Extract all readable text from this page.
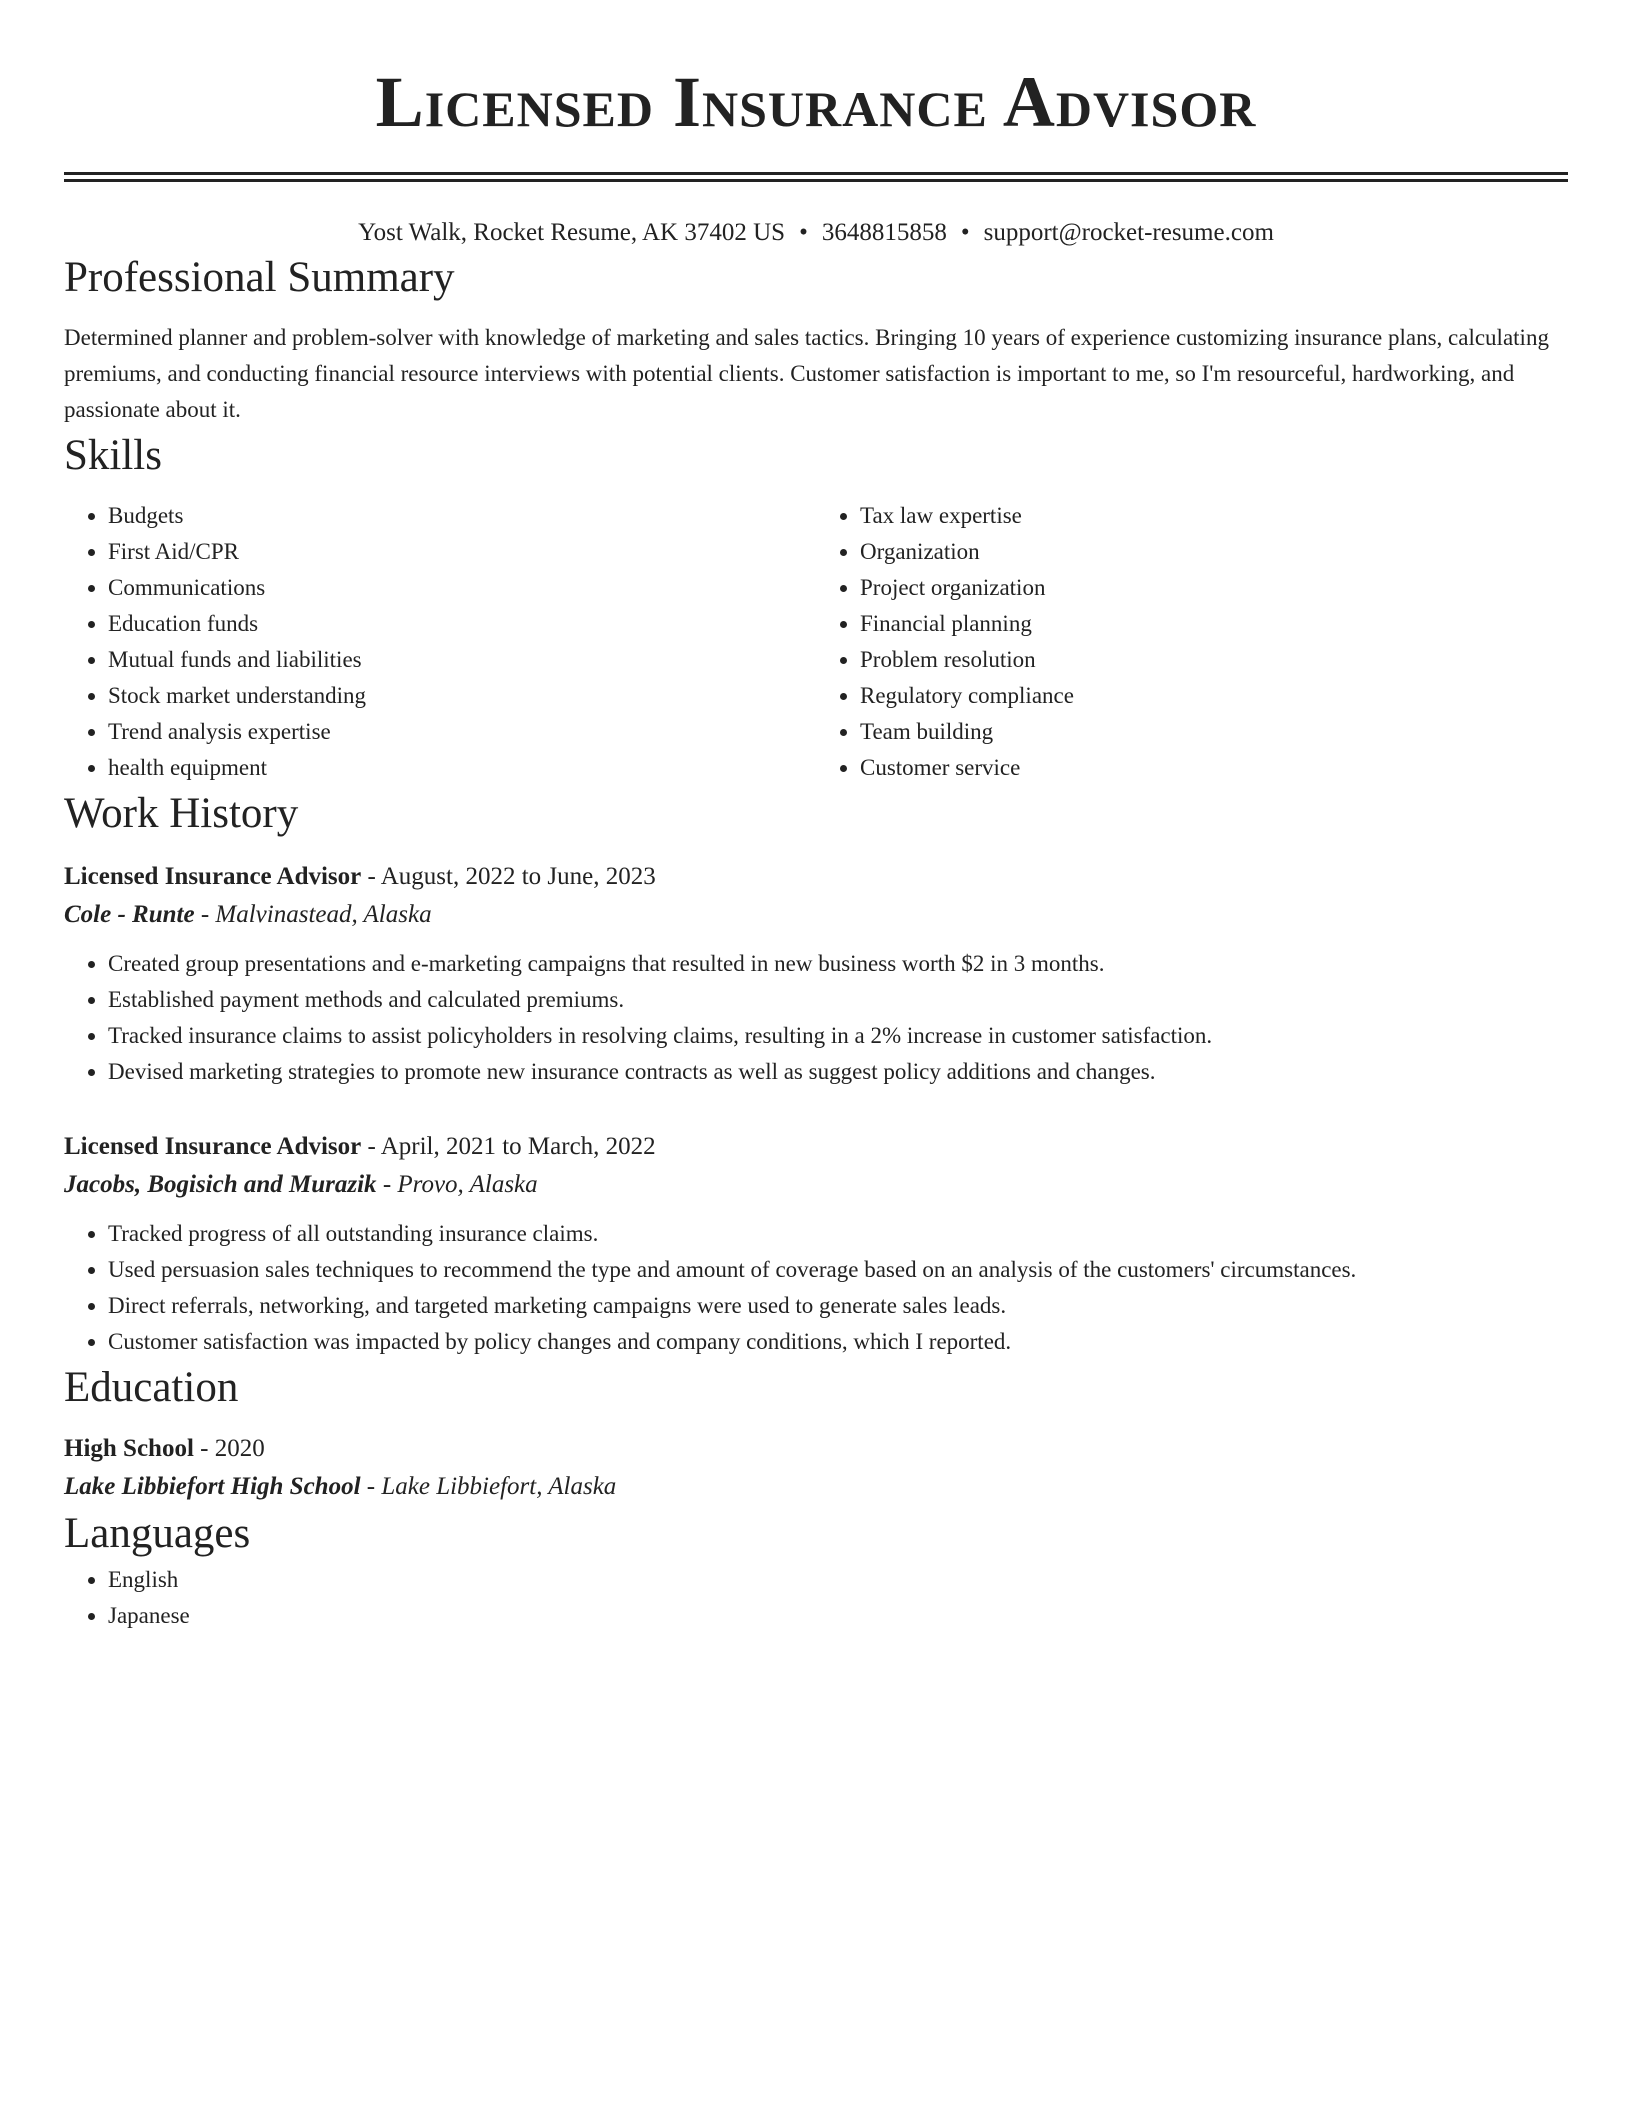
Licensed Insurance Advisor
Yost Walk, Rocket Resume, AK 37402 US • 3648815858 • support@rocket-resume.com
Professional Summary
Determined planner and problem-solver with knowledge of marketing and sales tactics. Bringing 10 years of experience customizing insurance plans, calculating premiums, and conducting financial resource interviews with potential clients. Customer satisfaction is important to me, so I'm resourceful, hardworking, and passionate about it.
Skills
• Budgets
• First Aid/CPR
• Communications
• Education funds
• Mutual funds and liabilities
• Stock market understanding
• Trend analysis expertise
• health equipment
• Tax law expertise
• Organization
• Project organization
• Financial planning
• Problem resolution
• Regulatory compliance
• Team building
• Customer service
Work History
Licensed Insurance Advisor - August, 2022 to June, 2023
Cole - Runte - Malvinastead, Alaska
• Created group presentations and e-marketing campaigns that resulted in new business worth $2 in 3 months.
• Established payment methods and calculated premiums.
• Tracked insurance claims to assist policyholders in resolving claims, resulting in a 2% increase in customer satisfaction.
• Devised marketing strategies to promote new insurance contracts as well as suggest policy additions and changes.
Licensed Insurance Advisor - April, 2021 to March, 2022
Jacobs, Bogisich and Murazik - Provo, Alaska
• Tracked progress of all outstanding insurance claims.
• Used persuasion sales techniques to recommend the type and amount of coverage based on an analysis of the customers' circumstances.
• Direct referrals, networking, and targeted marketing campaigns were used to generate sales leads.
• Customer satisfaction was impacted by policy changes and company conditions, which I reported.
Education
High School - 2020
Lake Libbiefort High School - Lake Libbiefort, Alaska
Languages
• English
• Japanese
